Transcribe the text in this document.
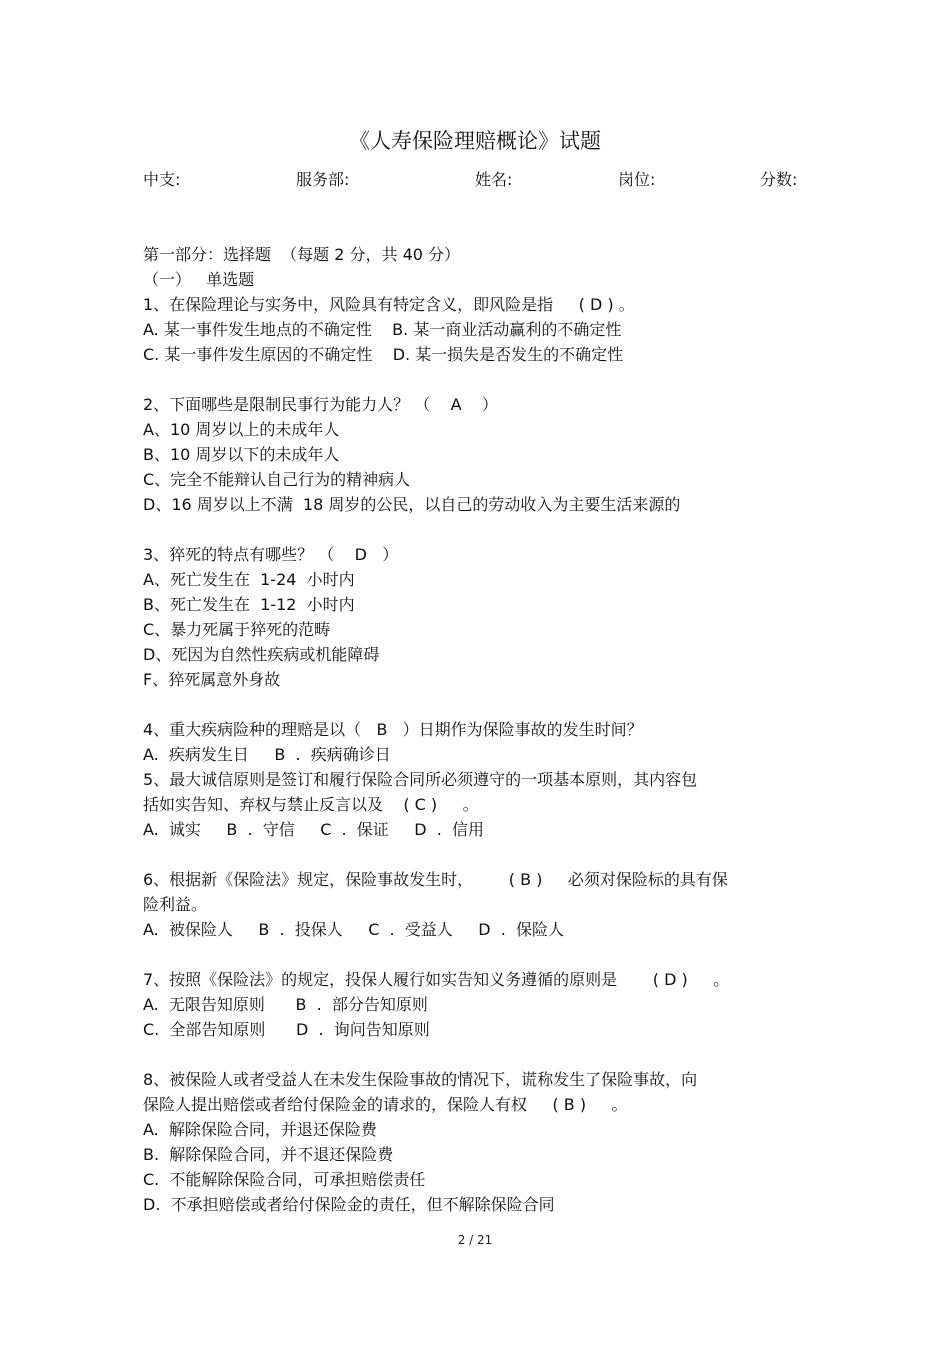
《人寿保险理赔概论》试题
中支:	服务部:	姓名:	岗位:	分数:
第一部分：选择题  （每题 2 分，共 40 分）
（一）   单选题
1、在保险理论与实务中，风险具有特定含义，即风险是指     ( D ) 。
A. 某一事件发生地点的不确定性    B. 某一商业活动赢利的不确定性
C. 某一事件发生原因的不确定性    D. 某一损失是否发生的不确定性
2、下面哪些是限制民事行为能力人？ （    A    ）
A、10 周岁以上的未成年人
B、10 周岁以下的未成年人
C、完全不能辩认自己行为的精神病人
D、16 周岁以上不满  18 周岁的公民，以自己的劳动收入为主要生活来源的
3、猝死的特点有哪些？ （    D   ）
A、死亡发生在  1-24  小时内
B、死亡发生在  1-12  小时内
C、暴力死属于猝死的范畴
D、死因为自然性疾病或机能障碍
F、猝死属意外身故
4、重大疾病险种的理赔是以（   B   ）日期作为保险事故的发生时间？
A.  疾病发生日     B  .  疾病确诊日
5、最大诚信原则是签订和履行保险合同所必须遵守的一项基本原则，其内容包
括如实告知、弃权与禁止反言以及    ( C )     。
A.  诚实     B  .  守信     C  .  保证     D  .  信用
6、根据新《保险法》规定，保险事故发生时，       ( B )     必须对保险标的具有保
险利益。
A.  被保险人     B  .  投保人     C  .  受益人     D  .  保险人
7、按照《保险法》的规定，投保人履行如实告知义务遵循的原则是       ( D )     。
A.  无限告知原则      B  .  部分告知原则
C.  全部告知原则      D  .  询问告知原则
8、被保险人或者受益人在未发生保险事故的情况下，谎称发生了保险事故，向
保险人提出赔偿或者给付保险金的请求的，保险人有权     ( B )     。
A.  解除保险合同，并退还保险费
B.  解除保险合同，并不退还保险费
C.  不能解除保险合同，可承担赔偿责任
D.  不承担赔偿或者给付保险金的责任，但不解除保险合同
2 / 21
